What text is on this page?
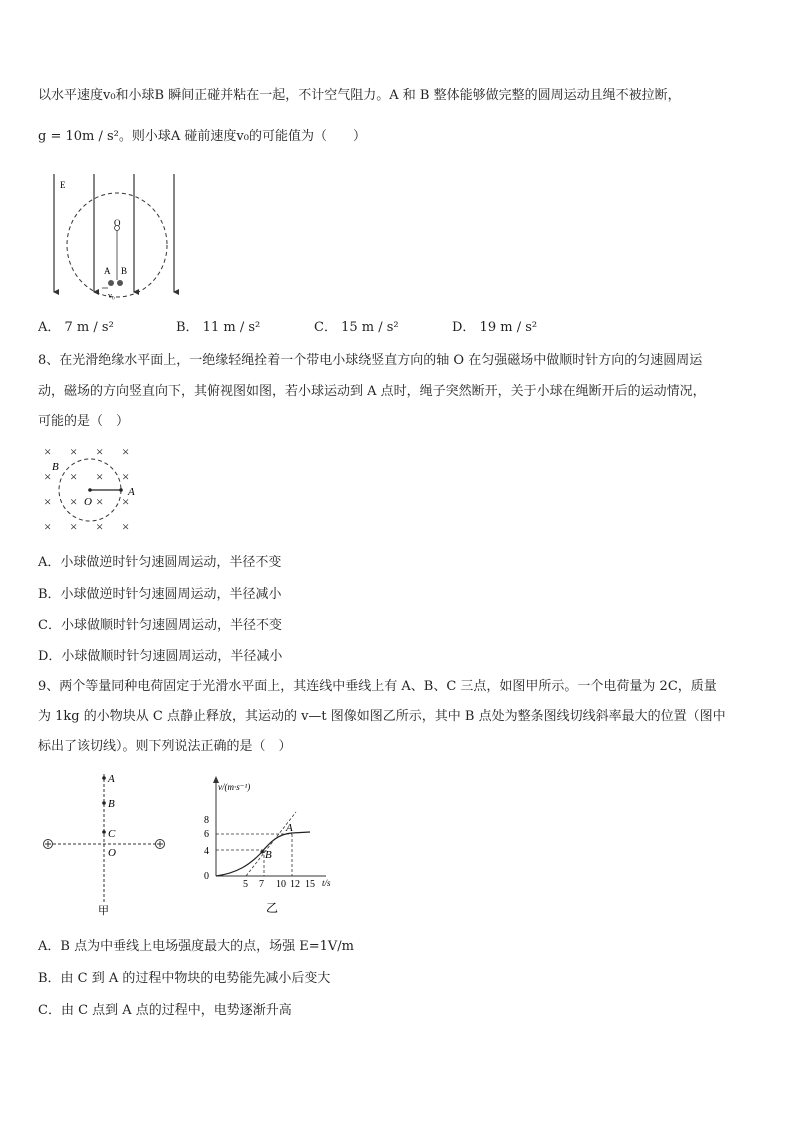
以水平速度v₀和小球B 瞬间正碰并粘在一起，不计空气阻力。A 和 B 整体能够做完整的圆周运动且绳不被拉断，
g = 10m / s²。则小球A 碰前速度v₀的可能值为（　　）
E
O
A B
v₀
A． 7 m / s²	B． 11 m / s²	C． 15 m / s²	D． 19 m / s²
8、在光滑绝缘水平面上，一绝缘轻绳拴着一个带电小球绕竖直方向的轴 O 在匀强磁场中做顺时针方向的匀速圆周运
动，磁场的方向竖直向下，其俯视图如图，若小球运动到 A 点时，绳子突然断开，关于小球在绳断开后的运动情况，
可能的是（　）
× × × ×
× × × ×
× × × ×
× × × ×
B
O
A
A．小球做逆时针匀速圆周运动，半径不变
B．小球做逆时针匀速圆周运动，半径减小
C．小球做顺时针匀速圆周运动，半径不变
D．小球做顺时针匀速圆周运动，半径减小
9、两个等量同种电荷固定于光滑水平面上，其连线中垂线上有 A、B、C 三点，如图甲所示。一个电荷量为 2C，质量
为 1kg 的小物块从 C 点静止释放，其运动的 v—t 图像如图乙所示，其中 B 点处为整条图线切线斜率最大的位置（图中
标出了该切线）。则下列说法正确的是（　）
A
B
C
O
甲
v/(m·s⁻¹)
t/s
0
8
6
4
5 7 10 12 15
A
B
乙
A．B 点为中垂线上电场强度最大的点，场强 E=1V/m
B．由 C 到 A 的过程中物块的电势能先减小后变大
C．由 C 点到 A 点的过程中，电势逐渐升高
